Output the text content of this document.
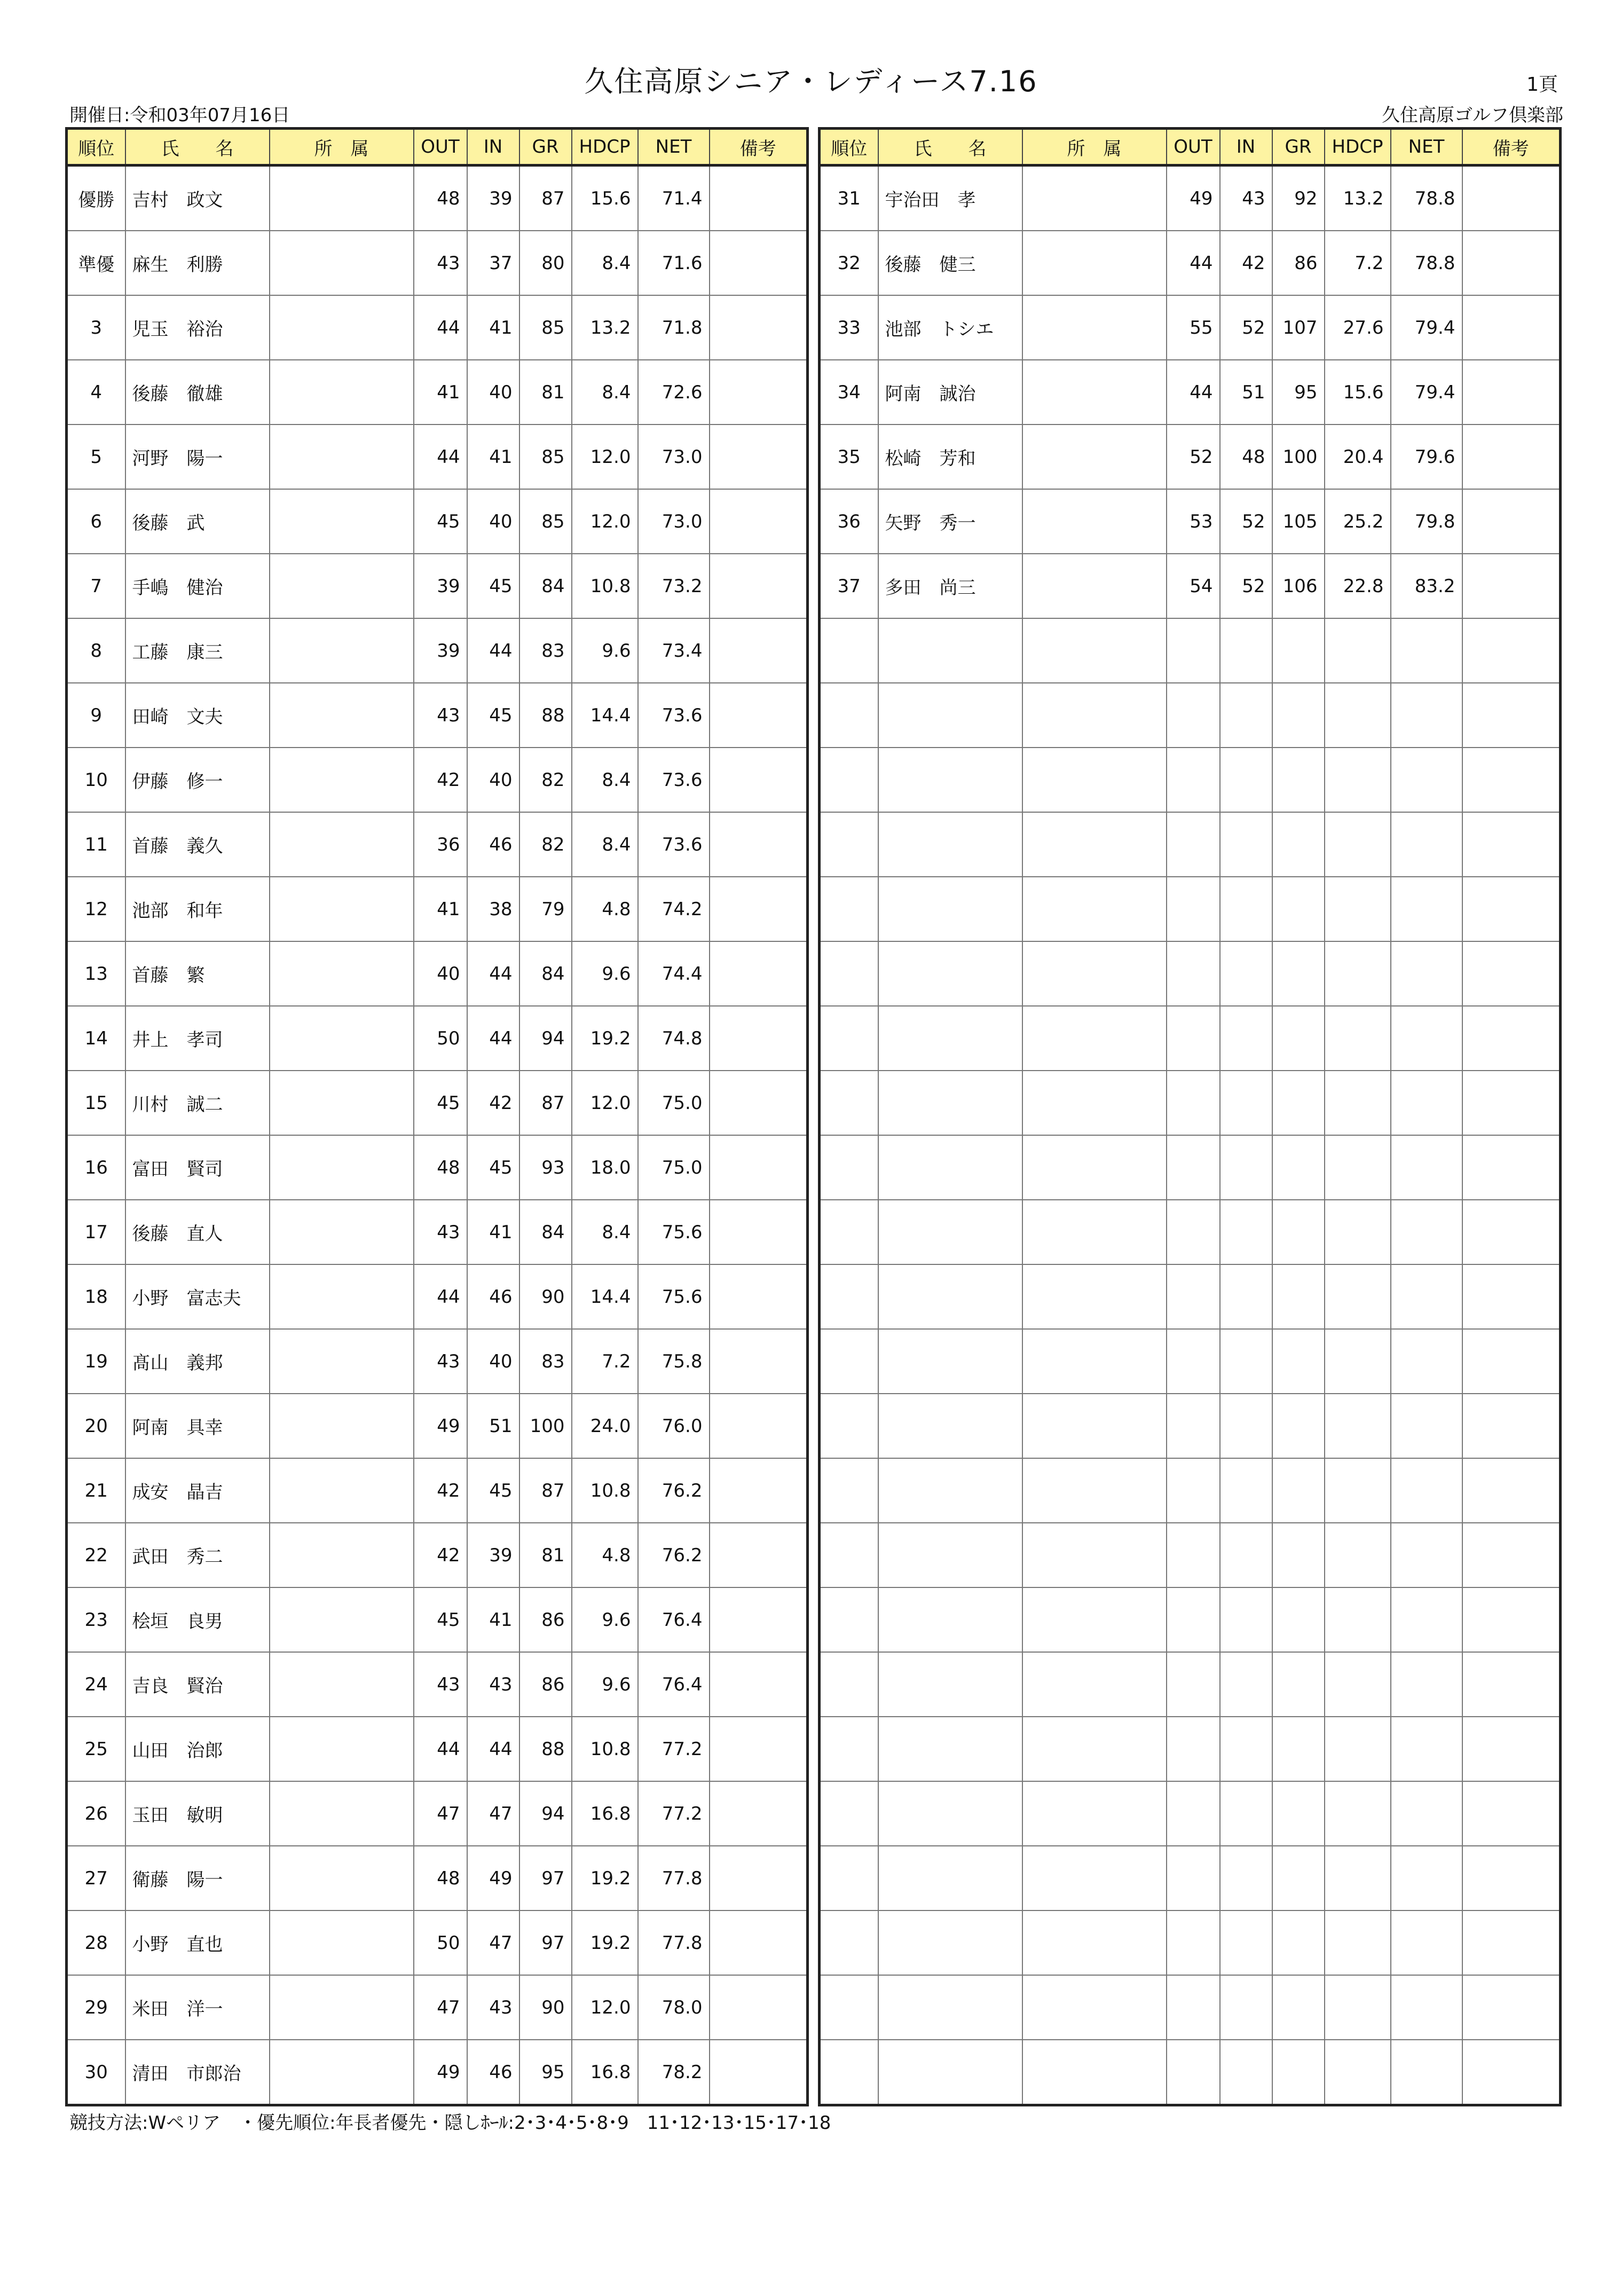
久住高原シニア・レディース7.16	1頁
開催日:令和03年07月16日	久住高原ゴルフ倶楽部
順位	氏　　名	所　属	OUT	IN	GR	HDCP	NET	備考
優勝	吉村　政文		48	39	87	15.6	71.4	
準優	麻生　利勝		43	37	80	8.4	71.6	
3	児玉　裕治		44	41	85	13.2	71.8	
4	後藤　徹雄		41	40	81	8.4	72.6	
5	河野　陽一		44	41	85	12.0	73.0	
6	後藤　武		45	40	85	12.0	73.0	
7	手嶋　健治		39	45	84	10.8	73.2	
8	工藤　康三		39	44	83	9.6	73.4	
9	田崎　文夫		43	45	88	14.4	73.6	
10	伊藤　修一		42	40	82	8.4	73.6	
11	首藤　義久		36	46	82	8.4	73.6	
12	池部　和年		41	38	79	4.8	74.2	
13	首藤　繁		40	44	84	9.6	74.4	
14	井上　孝司		50	44	94	19.2	74.8	
15	川村　誠二		45	42	87	12.0	75.0	
16	富田　賢司		48	45	93	18.0	75.0	
17	後藤　直人		43	41	84	8.4	75.6	
18	小野　富志夫		44	46	90	14.4	75.6	
19	髙山　義邦		43	40	83	7.2	75.8	
20	阿南　具幸		49	51	100	24.0	76.0	
21	成安　晶吉		42	45	87	10.8	76.2	
22	武田　秀二		42	39	81	4.8	76.2	
23	桧垣　良男		45	41	86	9.6	76.4	
24	吉良　賢治		43	43	86	9.6	76.4	
25	山田　治郎		44	44	88	10.8	77.2	
26	玉田　敏明		47	47	94	16.8	77.2	
27	衛藤　陽一		48	49	97	19.2	77.8	
28	小野　直也		50	47	97	19.2	77.8	
29	米田　洋一		47	43	90	12.0	78.0	
30	清田　市郎治		49	46	95	16.8	78.2	
順位	氏　　名	所　属	OUT	IN	GR	HDCP	NET	備考
31	宇治田　孝		49	43	92	13.2	78.8	
32	後藤　健三		44	42	86	7.2	78.8	
33	池部　トシエ		55	52	107	27.6	79.4	
34	阿南　誠治		44	51	95	15.6	79.4	
35	松崎　芳和		52	48	100	20.4	79.6	
36	矢野　秀一		53	52	105	25.2	79.8	
37	多田　尚三		54	52	106	22.8	83.2	

競技方法:Wペリア　・優先順位:年長者優先・隠しﾎｰﾙ:2･3･4･5･8･9　11･12･13･15･17･18
